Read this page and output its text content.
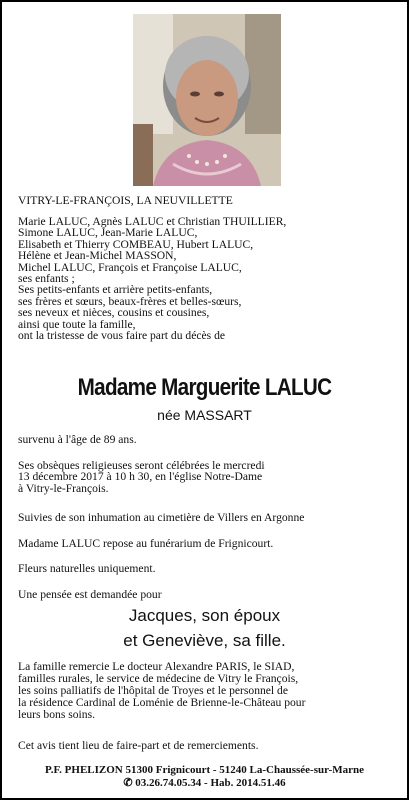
VITRY-LE-FRANÇOIS, LA NEUVILLETTE

Marie LALUC, Agnès LALUC et Christian THUILLIER,
Simone LALUC, Jean-Marie LALUC,
Elisabeth et Thierry COMBEAU, Hubert LALUC,
Hélène et Jean-Michel MASSON,
Michel LALUC, François et Françoise LALUC,
ses enfants ;
Ses petits-enfants et arrière petits-enfants,
ses frères et sœurs, beaux-frères et belles-sœurs,
ses neveux et nièces, cousins et cousines,
ainsi que toute la famille,
ont la tristesse de vous faire part du décès de

Madame Marguerite LALUC

née MASSART

survenu à l'âge de 89 ans.

Ses obsèques religieuses seront célébrées le mercredi
13 décembre 2017 à 10 h 30, en l'église Notre-Dame
à Vitry-le-François.

Suivies de son inhumation au cimetière de Villers en Argonne

Madame LALUC repose au funérarium de Frignicourt.

Fleurs naturelles uniquement.

Une pensée est demandée pour

Jacques, son époux

et Geneviève, sa fille.

La famille remercie Le docteur Alexandre PARIS, le SIAD,
familles rurales, le service de médecine de Vitry le François,
les soins palliatifs de l'hôpital de Troyes et le personnel de
la résidence Cardinal de Loménie de Brienne-le-Château pour
leurs bons soins.

Cet avis tient lieu de faire-part et de remerciements.

P.F. PHELIZON 51300 Frignicourt - 51240 La-Chaussée-sur-Marne

✆ 03.26.74.05.34 - Hab. 2014.51.46
